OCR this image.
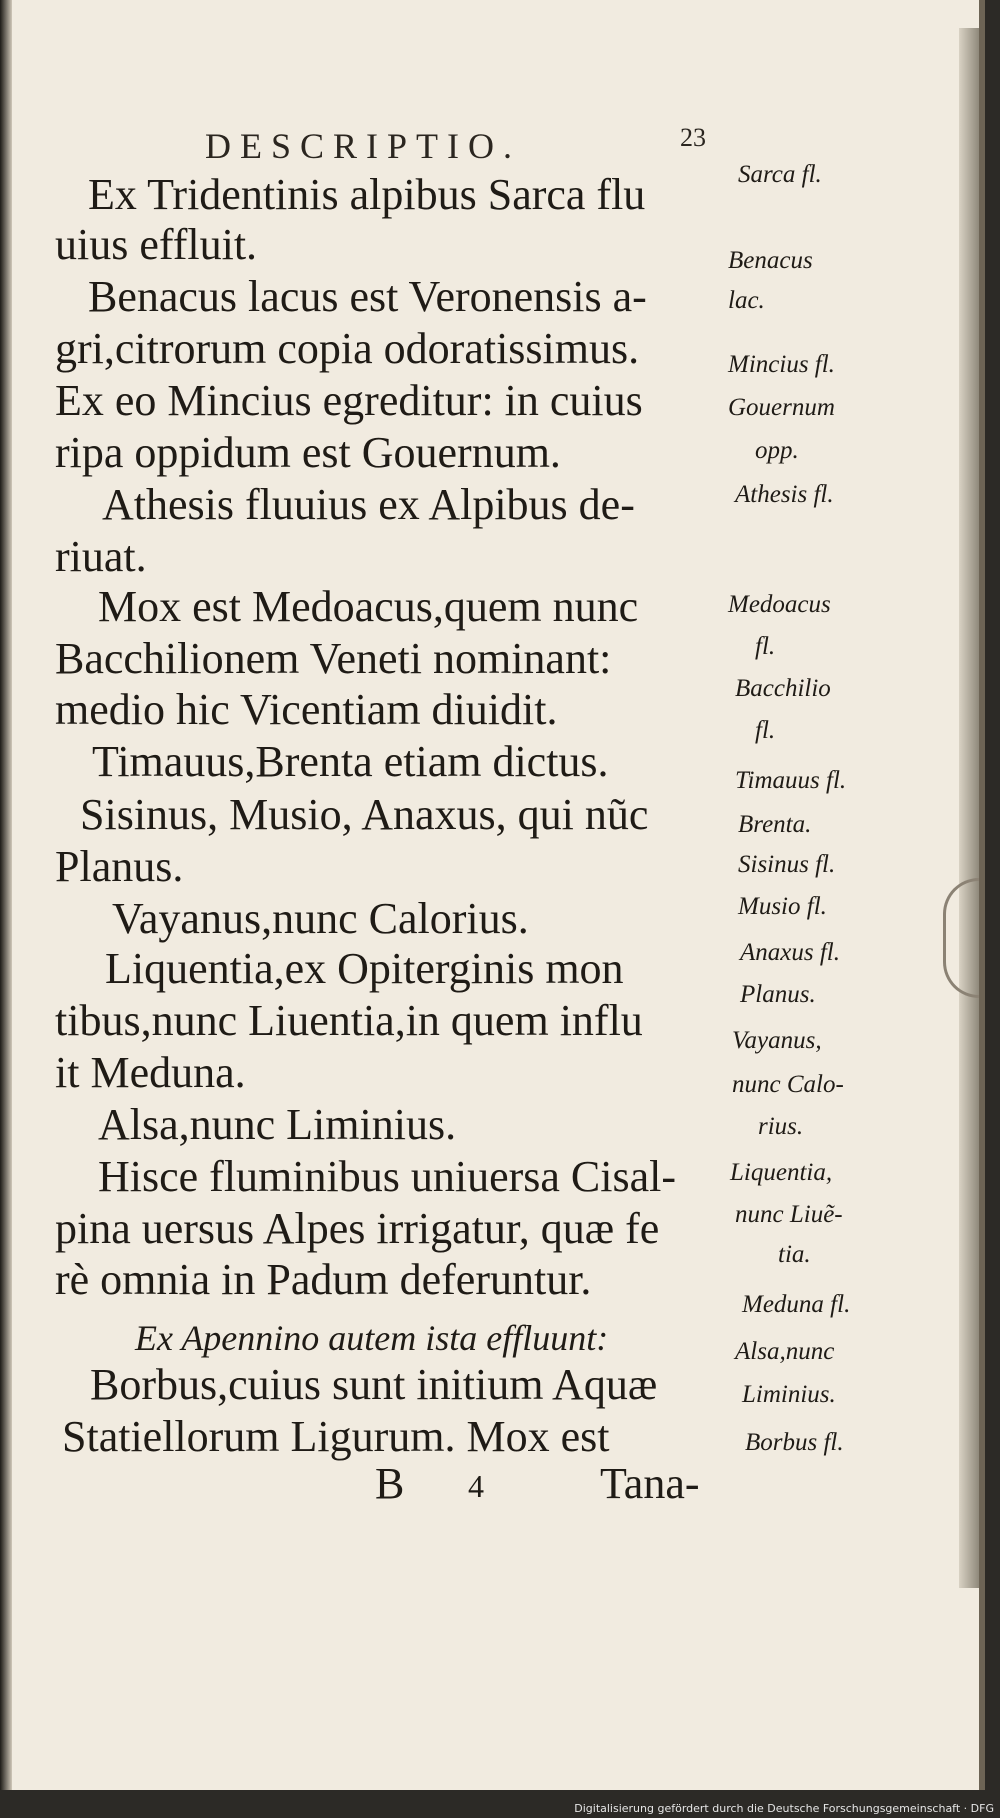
DESCRIPTIO.	23
Ex Tridentinis alpibus Sarca flu
uius effluit.
Benacus lacus est Veronensis a-
gri,citrorum copia odoratissimus.
Ex eo Mincius egreditur: in cuius
ripa oppidum est Gouernum.
Athesis fluuius ex Alpibus de-
riuat.
Mox est Medoacus,quem nunc
Bacchilionem Veneti nominant:
medio hic Vicentiam diuidit.
Timauus,Brenta etiam dictus.
Sisinus, Musio, Anaxus, qui nũc
Planus.
Vayanus,nunc Calorius.
Liquentia,ex Opiterginis mon
tibus,nunc Liuentia,in quem influ
it Meduna.
Alsa,nunc Liminius.
Hisce fluminibus uniuersa Cisal-
pina uersus Alpes irrigatur, quæ fe
rè omnia in Padum deferuntur.
Ex Apennino autem ista effluunt:
Borbus,cuius sunt initium Aquæ
Statiellorum Ligurum. Mox est
B 4	Tana-
Sarca fl.
Benacus
lac.
Mincius fl.
Gouernum
opp.
Athesis fl.
Medoacus
fl.
Bacchilio
fl.
Timauus fl.
Brenta.
Sisinus fl.
Musio fl.
Anaxus fl.
Planus.
Vayanus,
nunc Calo-
rius.
Liquentia,
nunc Liuẽ-
tia.
Meduna fl.
Alsa,nunc
Liminius.
Borbus fl.
Digitalisierung gefördert durch die Deutsche Forschungsgemeinschaft · DFG
